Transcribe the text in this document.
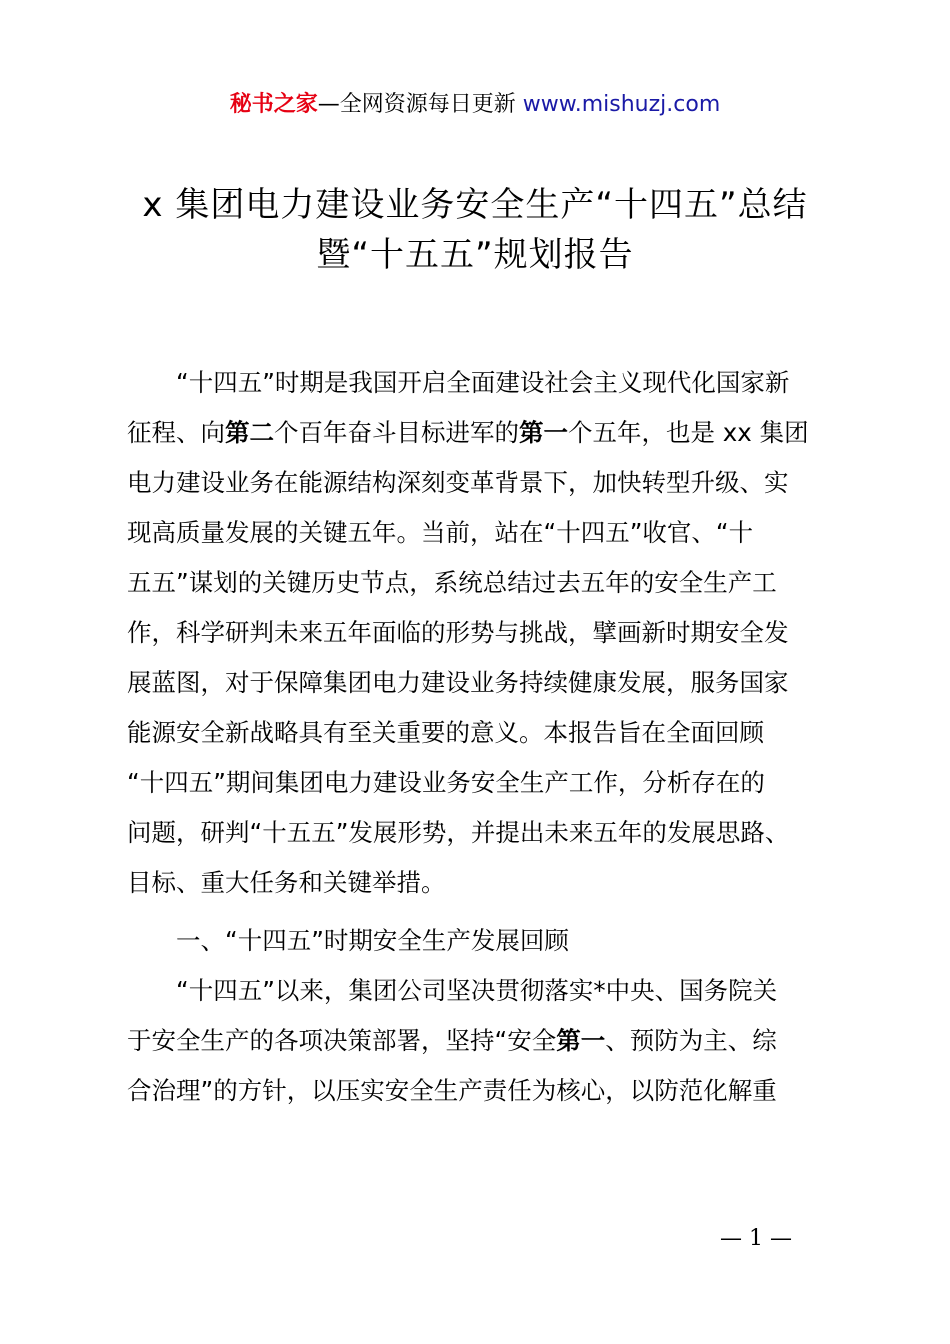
秘书之家—全网资源每日更新 www.mishuzj.com
x 集团电力建设业务安全生产“十四五”总结
暨“十五五”规划报告
“十四五”时期是我国开启全面建设社会主义现代化国家新
征程、向第二个百年奋斗目标进军的第一个五年，也是 xx 集团
电力建设业务在能源结构深刻变革背景下，加快转型升级、实
现高质量发展的关键五年。当前，站在“十四五”收官、“十
五五”谋划的关键历史节点，系统总结过去五年的安全生产工
作，科学研判未来五年面临的形势与挑战，擘画新时期安全发
展蓝图，对于保障集团电力建设业务持续健康发展，服务国家
能源安全新战略具有至关重要的意义。本报告旨在全面回顾
“十四五”期间集团电力建设业务安全生产工作，分析存在的
问题，研判“十五五”发展形势，并提出未来五年的发展思路、
目标、重大任务和关键举措。
一、“十四五”时期安全生产发展回顾
“十四五”以来，集团公司坚决贯彻落实*中央、国务院关
于安全生产的各项决策部署，坚持“安全第一、预防为主、综
合治理”的方针，以压实安全生产责任为核心，以防范化解重
— 1 —
